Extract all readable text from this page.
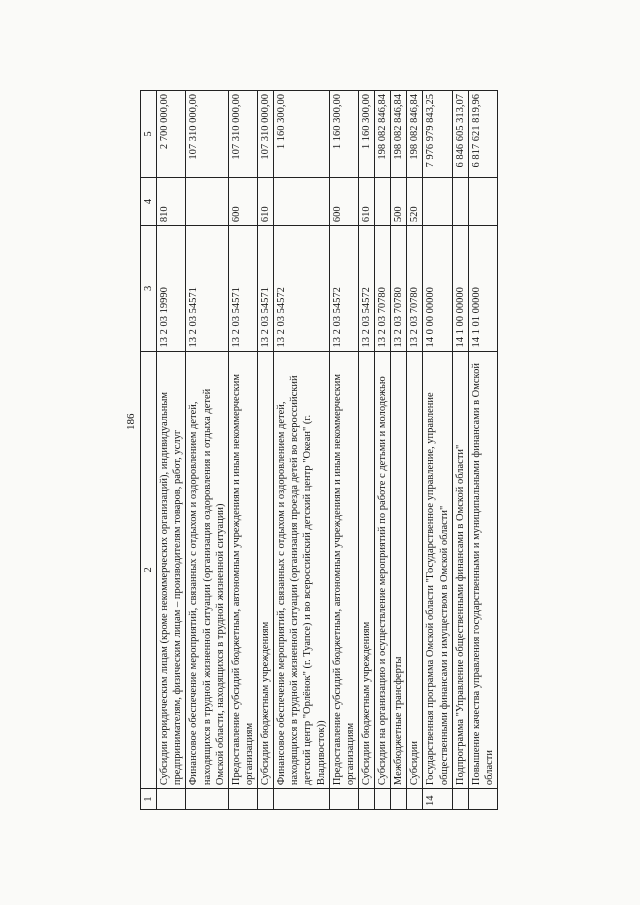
186
1	2	3	4	5
	Субсидии юридическим лицам (кроме некоммерческих организаций), индивидуальным предпринимателям, физическим лицам – производителям товаров, работ, услуг	13 2 03 19990	810	2 700 000,00
	Финансовое обеспечение мероприятий, связанных с отдыхом и оздоровлением детей, находящихся в трудной жизненной ситуации (организация оздоровления и отдыха детей Омской области, находящихся в трудной жизненной ситуации)	13 2 03 54571		107 310 000,00
	Предоставление субсидий бюджетным, автономным учреждениям и иным некоммерческим организациям	13 2 03 54571	600	107 310 000,00
	Субсидии бюджетным учреждениям	13 2 03 54571	610	107 310 000,00
	Финансовое обеспечение мероприятий, связанных с отдыхом и оздоровлением детей, находящихся в трудной жизненной ситуации (организация проезда детей во всероссийский детский центр "Орлёнок" (г. Туапсе) и во всероссийский детский центр "Океан" (г. Владивосток))	13 2 03 54572		1 160 300,00
	Предоставление субсидий бюджетным, автономным учреждениям и иным некоммерческим организациям	13 2 03 54572	600	1 160 300,00
	Субсидии бюджетным учреждениям	13 2 03 54572	610	1 160 300,00
	Субсидии на организацию и осуществление мероприятий по работе с детьми и молодежью	13 2 03 70780		198 082 846,84
	Межбюджетные трансферты	13 2 03 70780	500	198 082 846,84
	Субсидии	13 2 03 70780	520	198 082 846,84
14	Государственная программа Омской области "Государственное управление, управление общественными финансами и имуществом в Омской области"	14 0 00 00000		7 976 979 843,25
	Подпрограмма "Управление общественными финансами в Омской области"	14 1 00 00000		6 846 605 313,07
	Повышение качества управления государственными и муниципальными финансами в Омской области	14 1 01 00000		6 817 621 819,96
